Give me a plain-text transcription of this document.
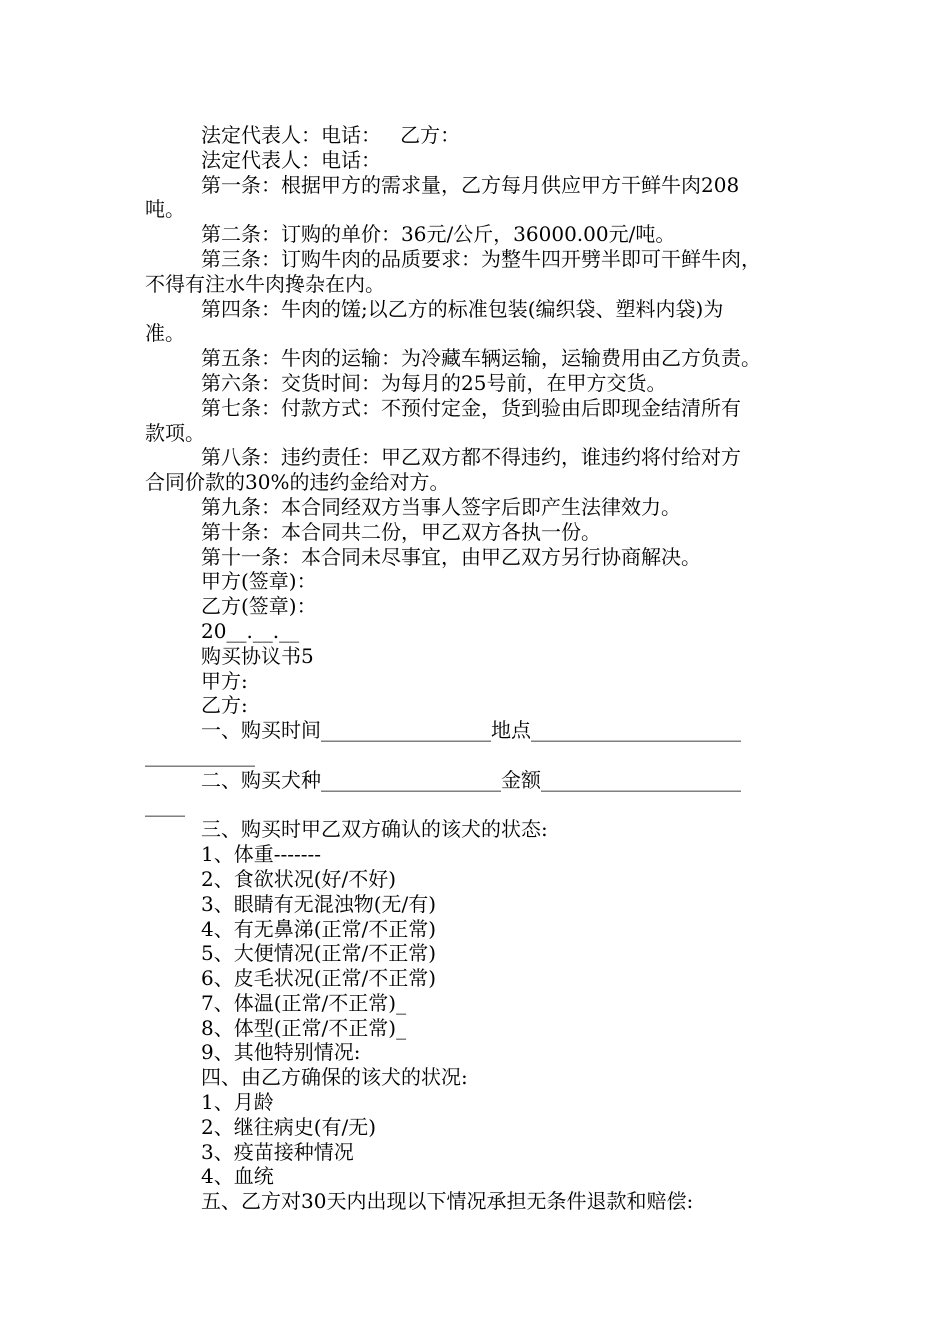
法定代表人：电话：   乙方：
法定代表人：电话：
第一条：根据甲方的需求量，乙方每月供应甲方干鲜牛肉208
吨。
第二条：订购的单价：36元/公斤，36000.00元/吨。
第三条：订购牛肉的品质要求：为整牛四开劈半即可干鲜牛肉，
不得有注水牛肉搀杂在内。
第四条：牛肉的馐;以乙方的标准包装(编织袋、塑料内袋)为
准。
第五条：牛肉的运输：为冷藏车辆运输，运输费用由乙方负责。
第六条：交货时间：为每月的25号前，在甲方交货。
第七条：付款方式：不预付定金，货到验由后即现金结清所有
款项。
第八条：违约责任：甲乙双方都不得违约，谁违约将付给对方
合同价款的30%的违约金给对方。
第九条：本合同经双方当事人签字后即产生法律效力。
第十条：本合同共二份，甲乙双方各执一份。
第十一条：本合同未尽事宜，由甲乙双方另行协商解决。
甲方(签章)：
乙方(签章)：
20__.__.__
购买协议书5
甲方:
乙方:
一、购买时间_________________地点_____________________
___________
二、购买犬种__________________金额____________________
____
三、购买时甲乙双方确认的该犬的状态:
1、体重-------
2、食欲状况(好/不好)
3、眼睛有无混浊物(无/有)
4、有无鼻涕(正常/不正常)
5、大便情况(正常/不正常)
6、皮毛状况(正常/不正常)
7、体温(正常/不正常)_
8、体型(正常/不正常)_
9、其他特别情况:
四、由乙方确保的该犬的状况:
1、月龄
2、继往病史(有/无)
3、疫苗接种情况
4、血统
五、乙方对30天内出现以下情况承担无条件退款和赔偿:
